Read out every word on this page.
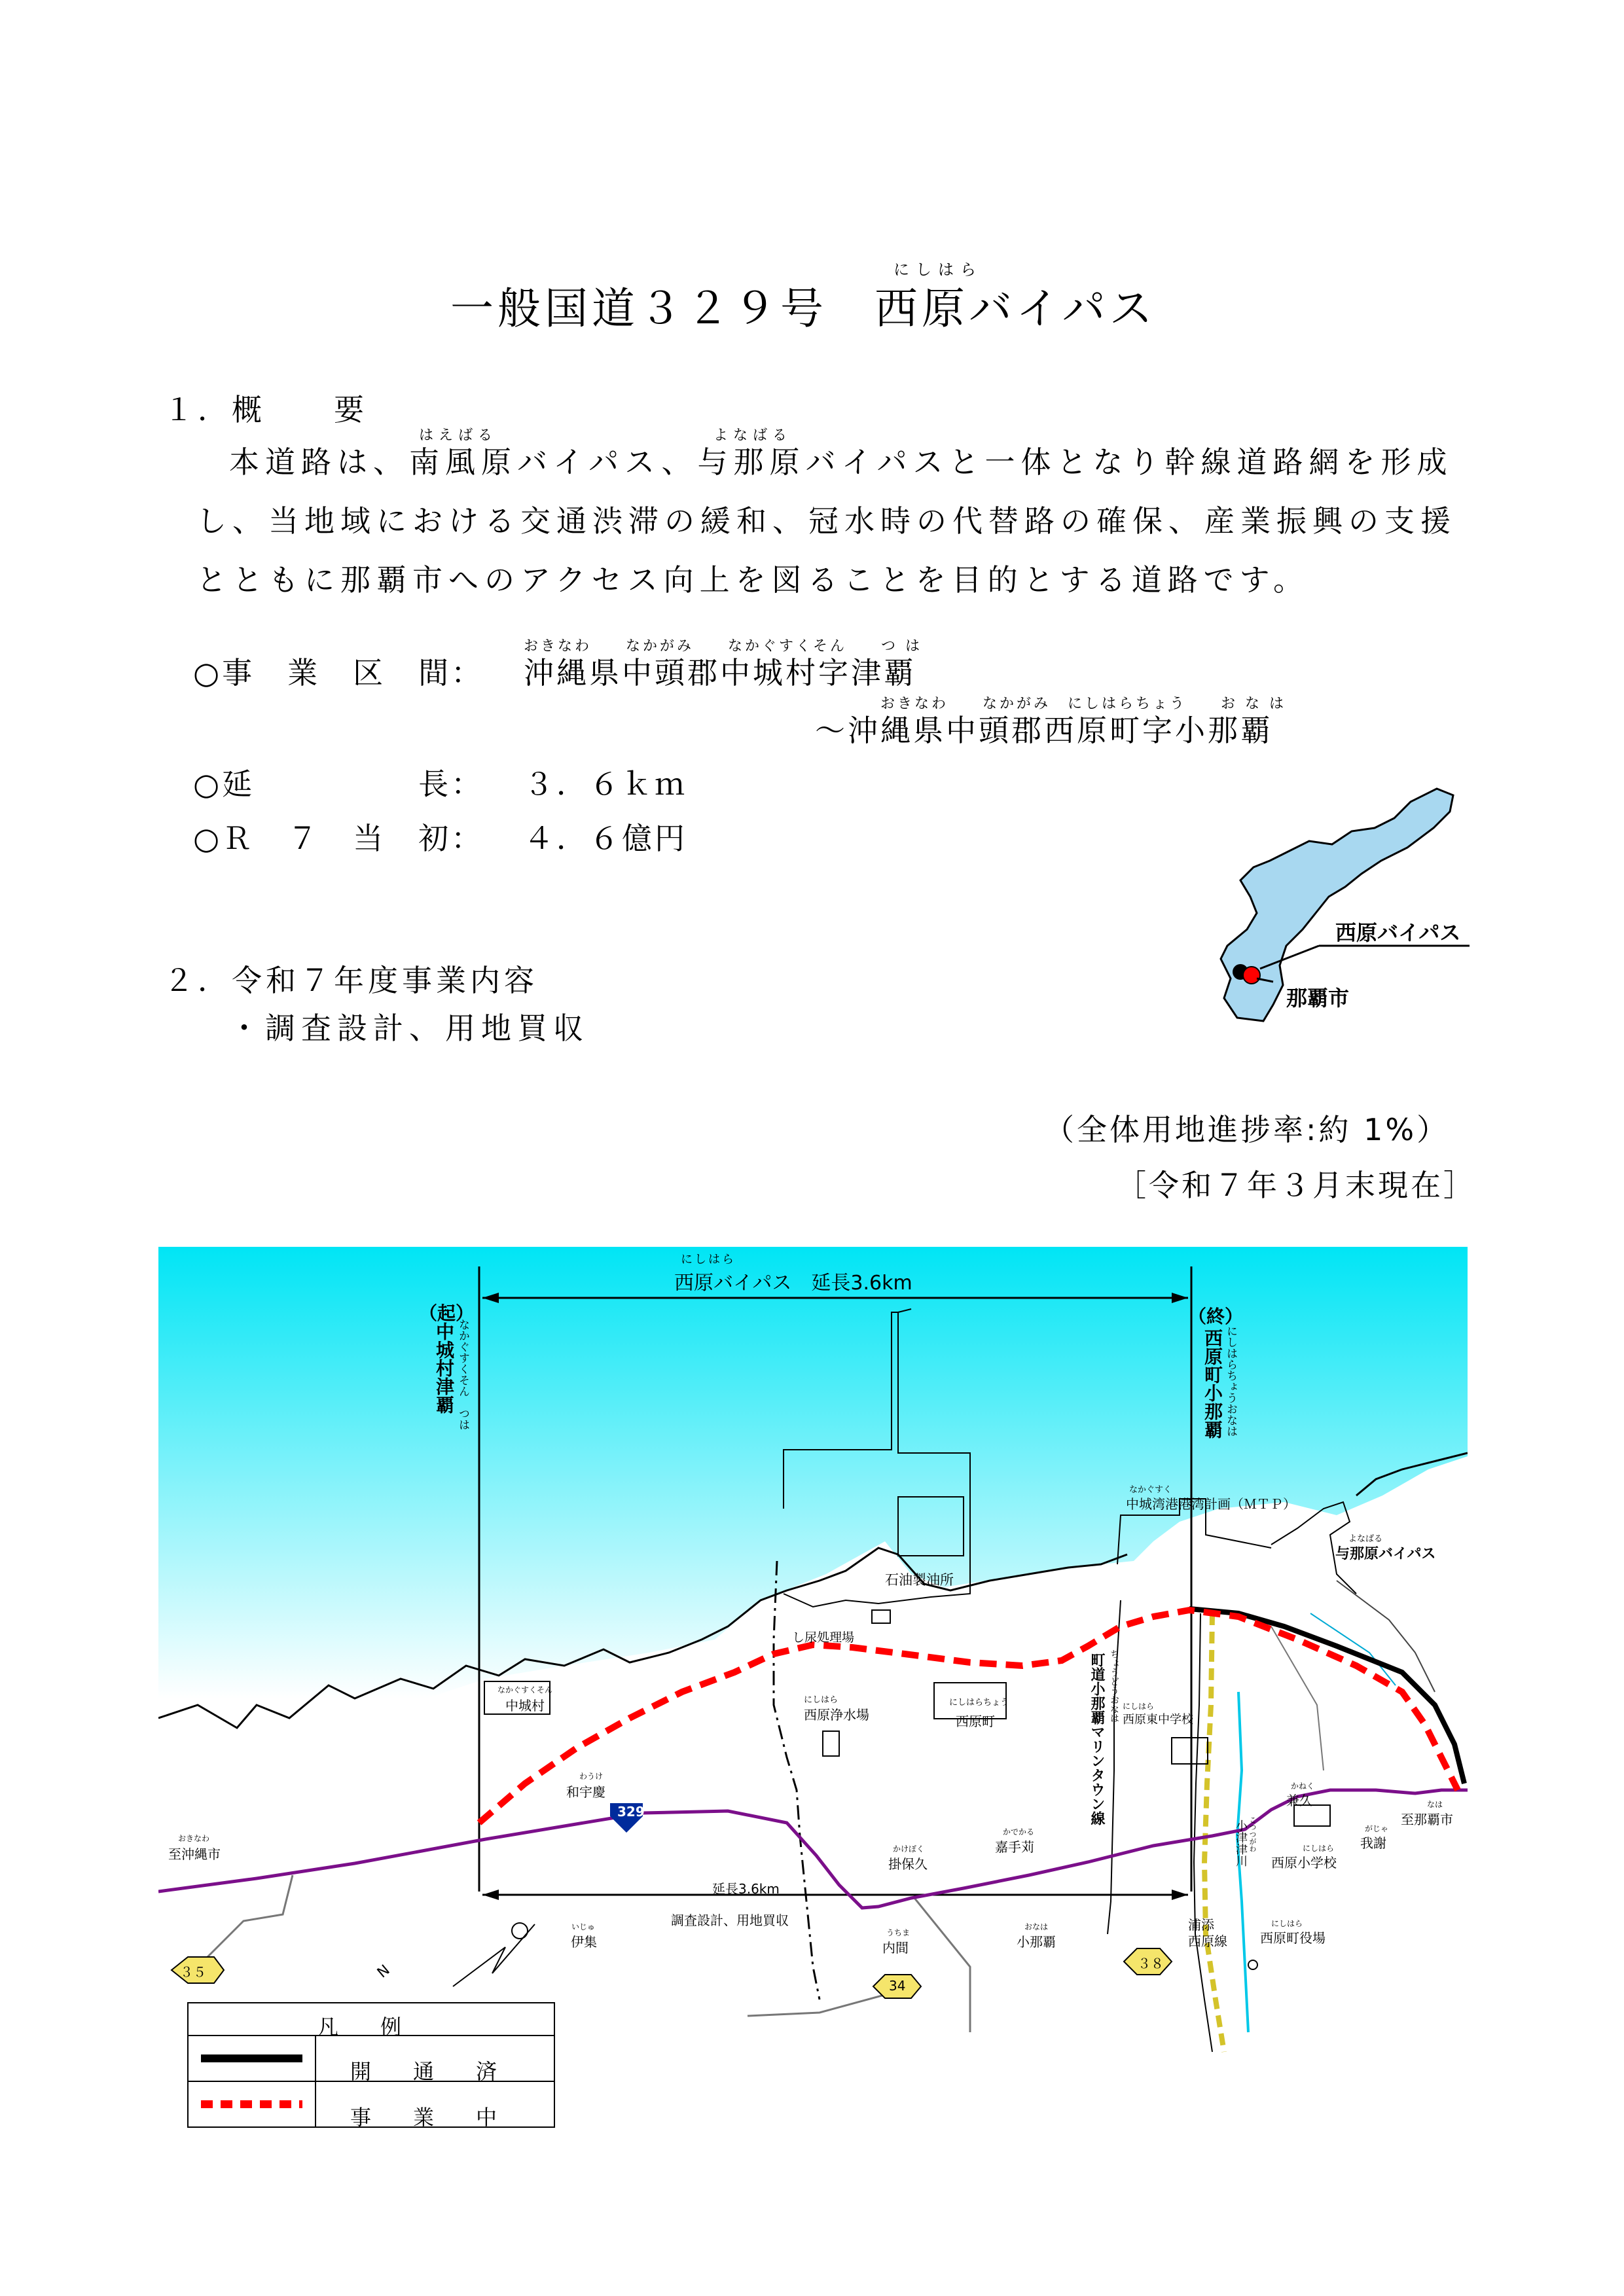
にしはら
一般国道３２９号　西原バイパス
１．概　　要
はえばる	よなばる
本道路は、南風原バイパス、与那原バイパスと一体となり幹線道路網を形成
し、当地域における交通渋滞の緩和、冠水時の代替路の確保、産業振興の支援
とともに那覇市へのアクセス向上を図ることを目的とする道路です。
おきなわ　　なかがみ　　なかぐすくそん　　つ は
○事　業　区　間： 沖縄県中頭郡中城村字津覇
おきなわ　　なかがみ　にしはらちょう　　お な は
～沖縄県中頭郡西原町字小那覇
○延　　　　　長： ３．６ｋｍ
○Ｒ　７　当　初： ４．６億円
２．令和７年度事業内容
・調査設計、用地買収
（全体用地進捗率:約 1%）
［令和７年３月末現在］
西原バイパス
那覇市
にしはら
西原バイパス　延長3.6km
（起）
中城村津覇 なかぐすくそん　つは
（終）
西原町小那覇 にしはらちょうおなは
なかぐすく
中城湾港港湾計画（ＭＴＰ）
よなばる
与那原バイパス
石油製油所
し尿処理場
なかぐすくそん
中城村	にしはら
西原浄水場
にしはらちょう
西原町	ちょうどうおなは
町道小那覇マリンタウン線 にしはら
西原東中学校
かねく
兼久
わうけ
和宇慶
329
おきなわ
至沖縄市
かでかる
嘉手苅
かけぼく
掛保久
延長3.6km
調査設計、用地買収
いじゅ
伊集
うちま
内間
おなは
小那覇
浦添
西原線
こつつがわ
小津津川	にしはら
西原小学校
がじゃ
我謝
なは
至那覇市
にしはら
西原町役場
３５
34
３８
N
凡　　例
開　　通　　済
事　　業　　中
